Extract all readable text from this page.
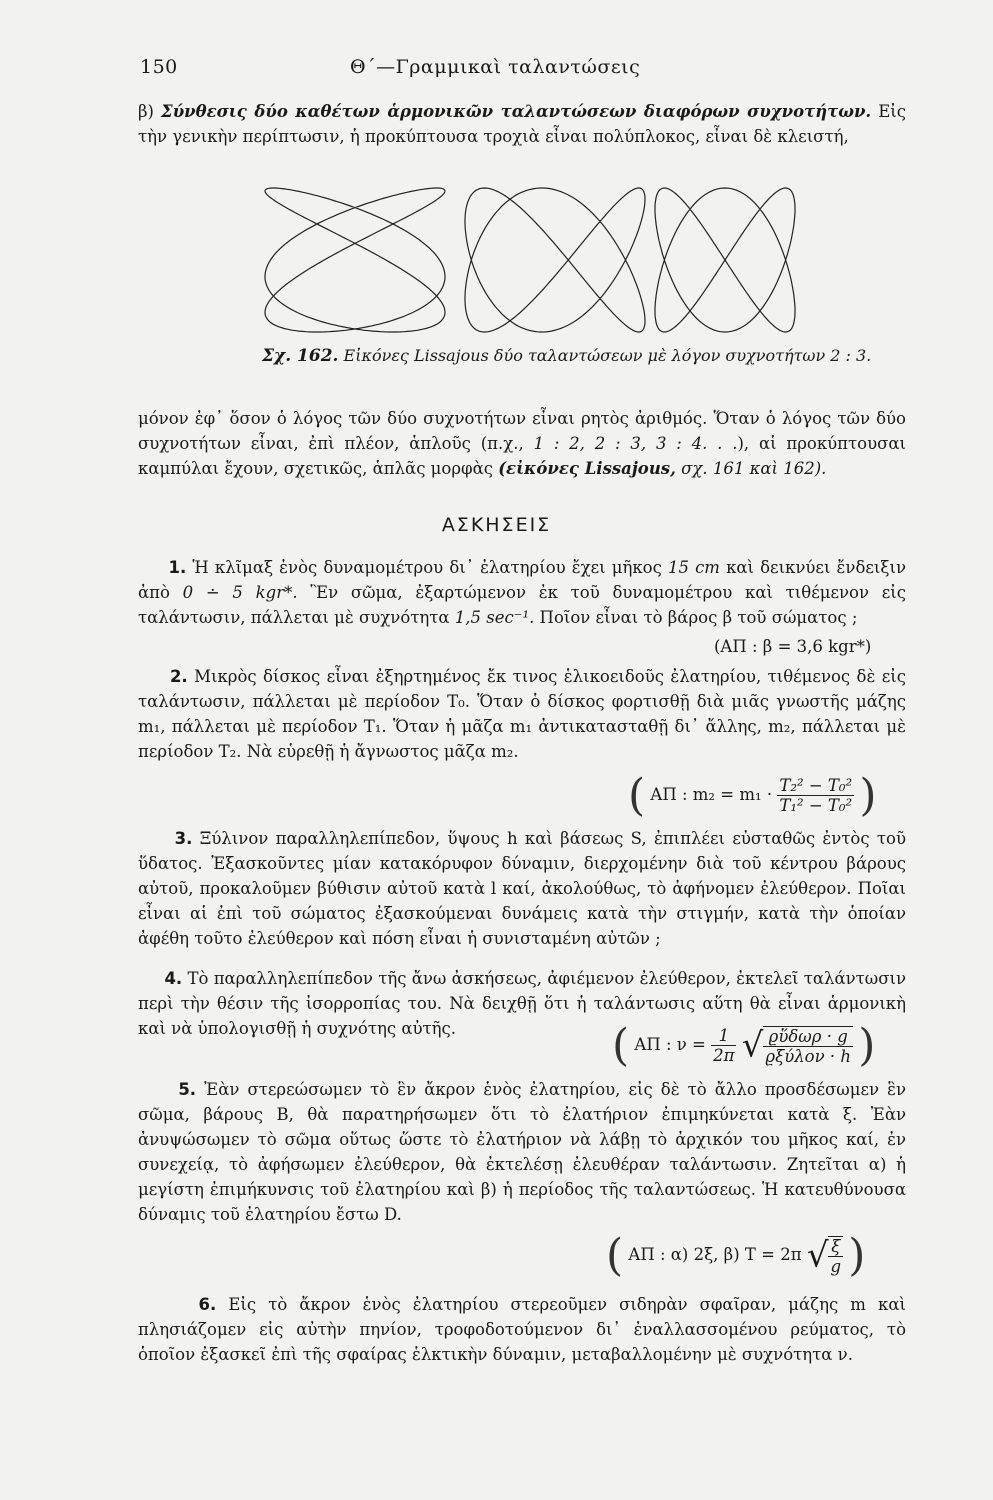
150	Θ΄—Γραμμικαὶ ταλαντώσεις
β) Σύνθεσις δύο καθέτων ἁρμονικῶν ταλαντώσεων διαφόρων συχνοτήτων. Εἰς τὴν γενικὴν περίπτωσιν, ἡ προκύπτουσα τροχιὰ εἶναι πολύπλοκος, εἶναι δὲ κλειστή,
Σχ. 162. Εἰκόνες Lissajous δύο ταλαντώσεων μὲ λόγον συχνοτήτων 2 : 3.
μόνον ἐφ᾽ ὅσον ὁ λόγος τῶν δύο συχνοτήτων εἶναι ρητὸς ἀριθμός. Ὅταν ὁ λόγος τῶν δύο συχνοτήτων εἶναι, ἐπὶ πλέον, ἁπλοῦς (π.χ., 1 : 2, 2 : 3, 3 : 4. . .), αἱ προκύπτουσαι καμπύλαι ἔχουν, σχετικῶς, ἁπλᾶς μορφὰς (εἰκόνες Lissajous, σχ. 161 καὶ 162).
ΑΣΚΗΣΕΙΣ
1. Ἡ κλῖμαξ ἑνὸς δυναμομέτρου δι᾽ ἐλατηρίου ἔχει μῆκος 15 cm καὶ δεικνύει ἔνδειξιν ἀπὸ 0 ∸ 5 kgr*. Ἓν σῶμα, ἐξαρτώμενον ἐκ τοῦ δυναμομέτρου καὶ τιθέμενον εἰς ταλάντωσιν, πάλλεται μὲ συχνότητα 1,5 sec⁻¹. Ποῖον εἶναι τὸ βάρος β τοῦ σώματος ;
(ΑΠ : β = 3,6 kgr*)
2. Μικρὸς δίσκος εἶναι ἐξηρτημένος ἔκ τινος ἑλικοειδοῦς ἐλατηρίου, τιθέμενος δὲ εἰς ταλάντωσιν, πάλλεται μὲ περίοδον T₀. Ὅταν ὁ δίσκος φορτισθῇ διὰ μιᾶς γνωστῆς μάζης m₁, πάλλεται μὲ περίοδον T₁. Ὅταν ἡ μᾶζα m₁ ἀντικατασταθῇ δι᾽ ἄλλης, m₂, πάλλεται μὲ περίοδον T₂. Νὰ εὑρεθῇ ἡ ἄγνωστος μᾶζα m₂.
( ΑΠ : $m_2 = m_1 \cdot \frac{\text{T₂² − T₀²}}{\text{T₁² − T₀²}}$ )
3. Ξύλινον παραλληλεπίπεδον, ὕψους h καὶ βάσεως S, ἐπιπλέει εὐσταθῶς ἐντὸς τοῦ ὕδατος. Ἐξασκοῦντες μίαν κατακόρυφον δύναμιν, διερχομένην διὰ τοῦ κέντρου βάρους αὐτοῦ, προκαλοῦμεν βύθισιν αὐτοῦ κατὰ l καί, ἀκολούθως, τὸ ἀφήνομεν ἐλεύθερον. Ποῖαι εἶναι αἱ ἐπὶ τοῦ σώματος ἐξασκούμεναι δυνάμεις κατὰ τὴν στιγμήν, κατὰ τὴν ὁποίαν ἀφέθη τοῦτο ἐλεύθερον καὶ πόση εἶναι ἡ συνισταμένη αὐτῶν ;
4. Τὸ παραλληλεπίπεδον τῆς ἄνω ἀσκήσεως, ἀφιέμενον ἐλεύθερον, ἐκτελεῖ ταλάντωσιν περὶ τὴν θέσιν τῆς ἰσορροπίας του. Νὰ δειχθῇ ὅτι ἡ ταλάντωσις αὕτη θὰ εἶναι ἁρμονικὴ καὶ νὰ ὑπολογισθῇ ἡ συχνότης αὐτῆς.	( ΑΠ : $\nu = \frac{1}{2\pi}$ √ $\frac{\text{ϱὕδωρ · g}}{\text{ϱξύλον · h}}$ )
5. Ἐὰν στερεώσωμεν τὸ ἓν ἄκρον ἑνὸς ἐλατηρίου, εἰς δὲ τὸ ἄλλο προσδέσωμεν ἓν σῶμα, βάρους B, θὰ παρατηρήσωμεν ὅτι τὸ ἐλατήριον ἐπιμηκύνεται κατὰ ξ. Ἐὰν ἀνυψώσωμεν τὸ σῶμα οὕτως ὥστε τὸ ἐλατήριον νὰ λάβῃ τὸ ἀρχικόν του μῆκος καί, ἐν συνεχείᾳ, τὸ ἀφήσωμεν ἐλεύθερον, θὰ ἐκτελέσῃ ἐλευθέραν ταλάντωσιν. Ζητεῖται α) ἡ μεγίστη ἐπιμήκυνσις τοῦ ἐλατηρίου καὶ β) ἡ περίοδος τῆς ταλαντώσεως. Ἡ κατευθύνουσα δύναμις τοῦ ἐλατηρίου ἔστω D.
( ΑΠ : α) 2ξ, β) T = 2π √ $\frac{\xi}{g}$ )
6. Εἰς τὸ ἄκρον ἑνὸς ἐλατηρίου στερεοῦμεν σιδηρὰν σφαῖραν, μάζης m καὶ πλησιάζομεν εἰς αὐτὴν πηνίον, τροφοδοτούμενον δι᾽ ἐναλλασσομένου ρεύματος, τὸ ὁποῖον ἐξασκεῖ ἐπὶ τῆς σφαίρας ἑλκτικὴν δύναμιν, μεταβαλλομένην μὲ συχνότητα ν.
